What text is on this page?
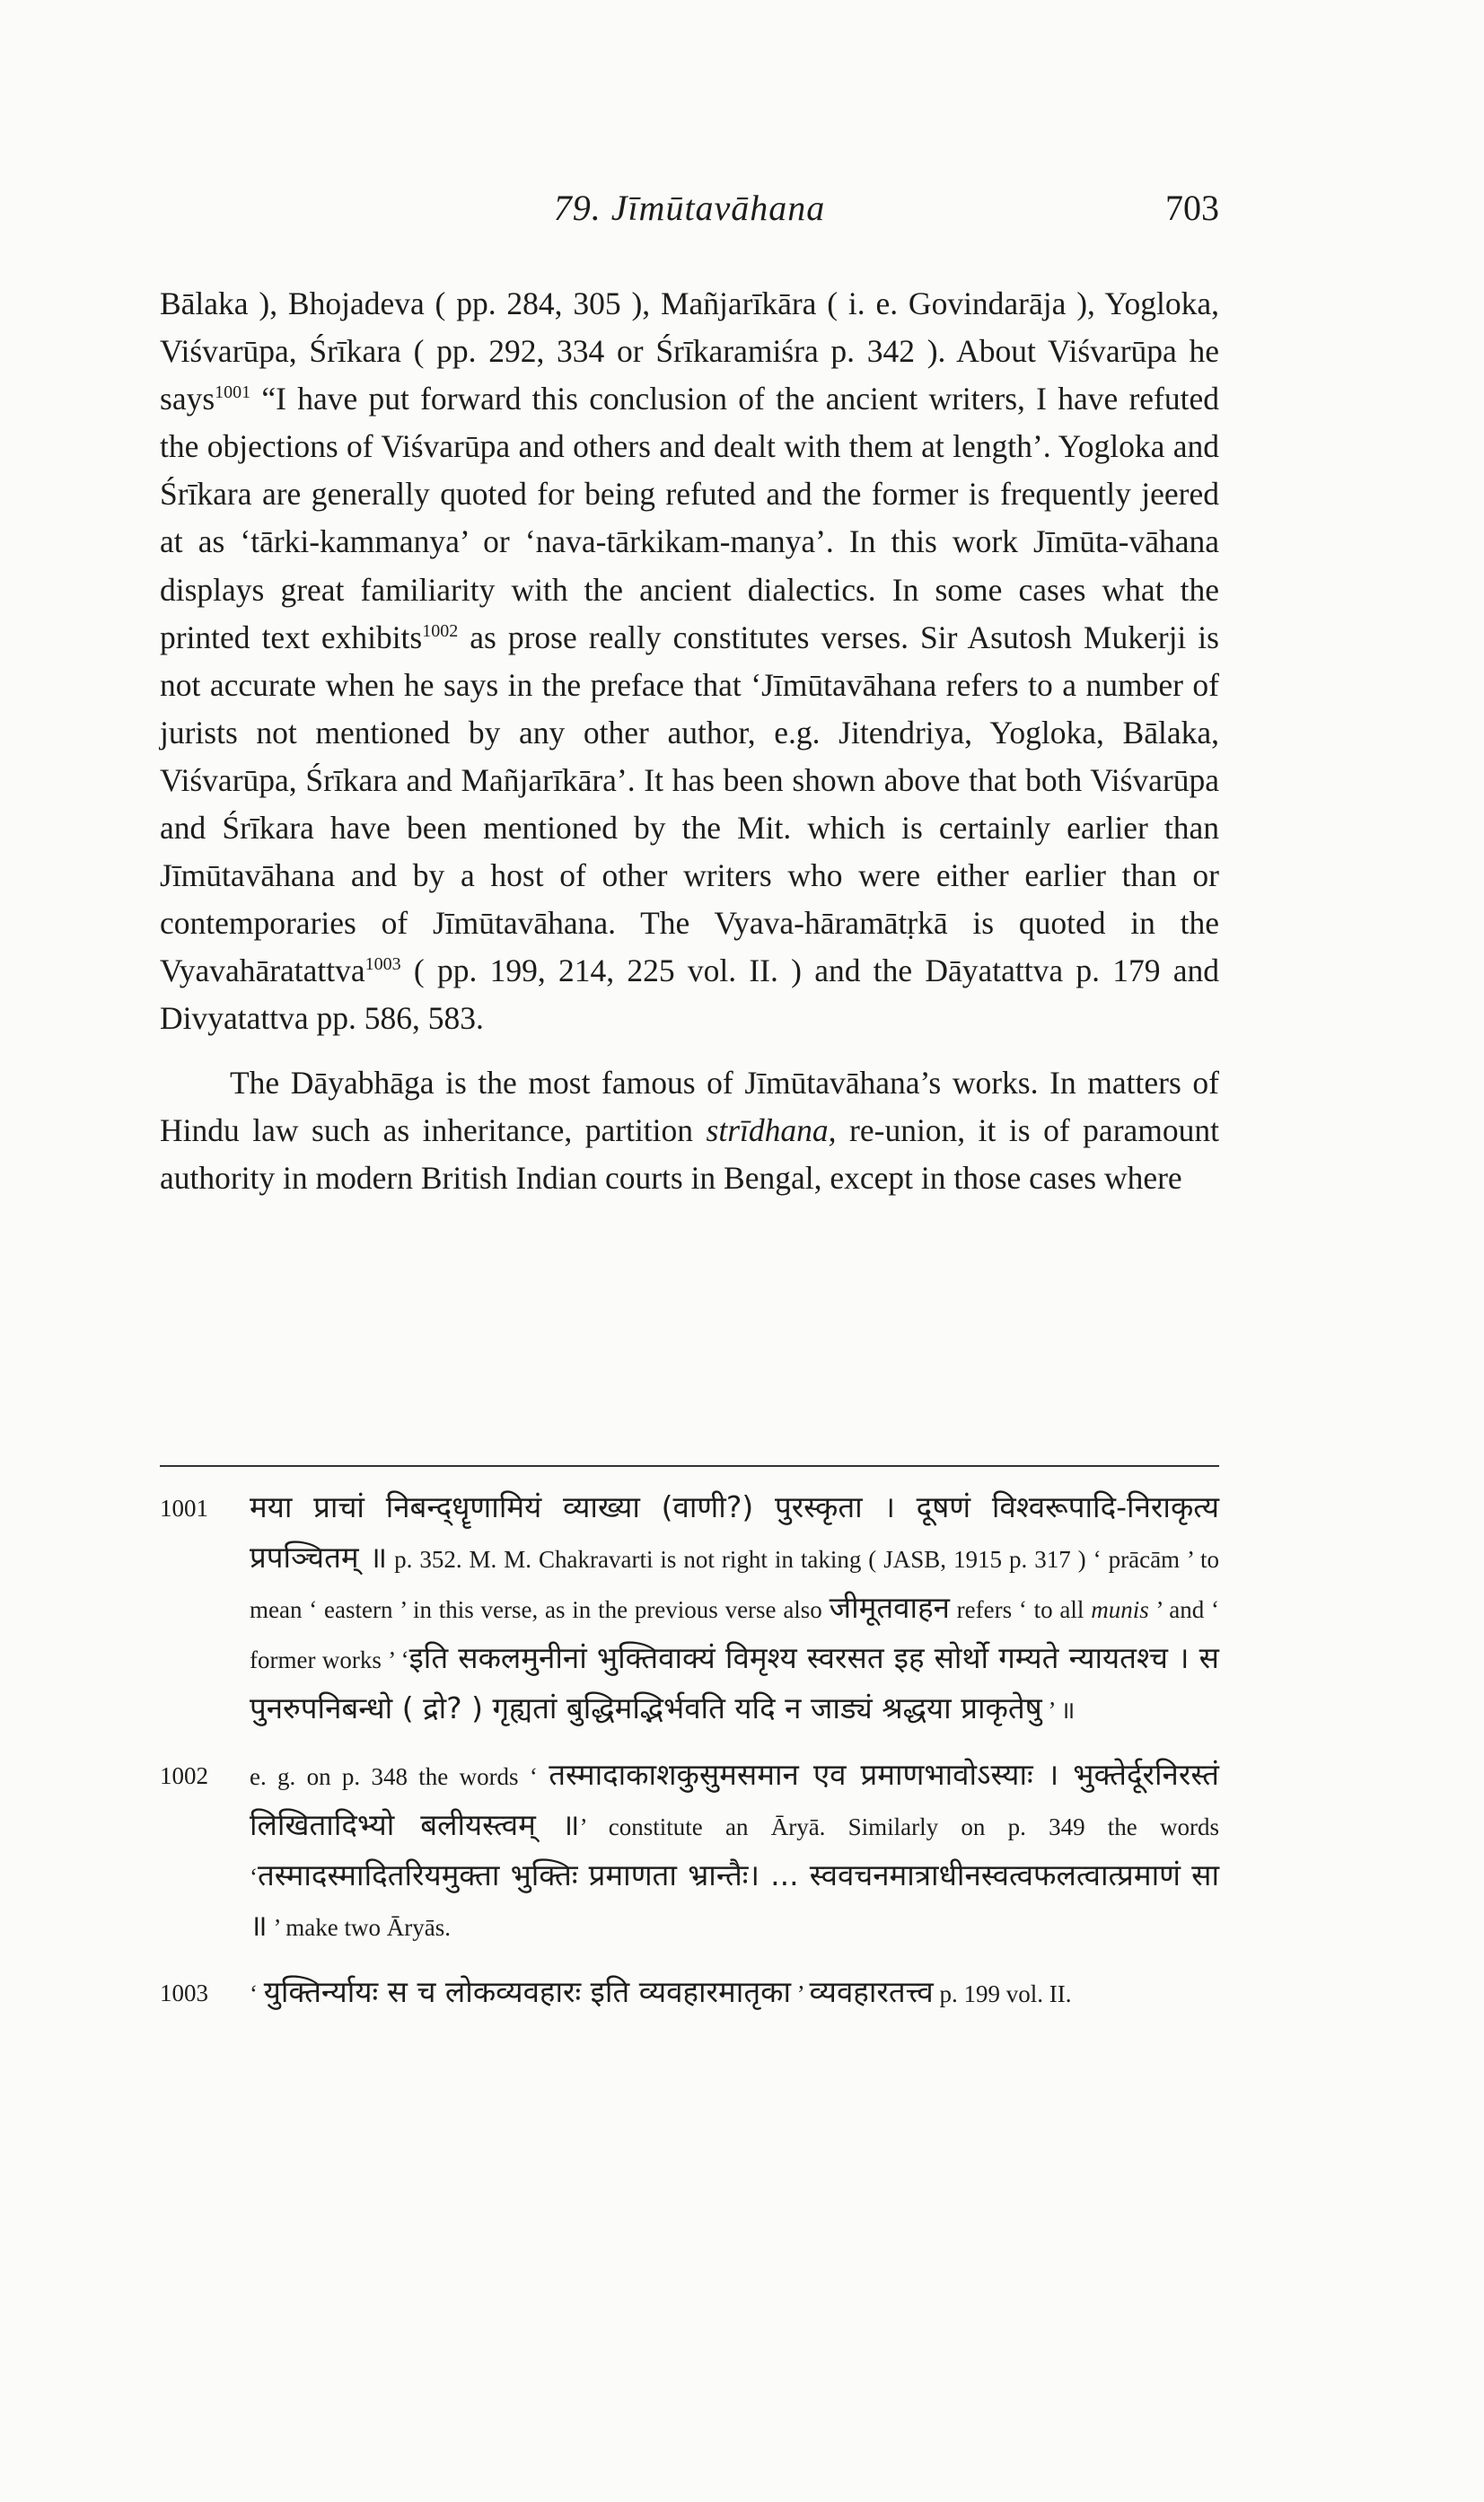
79. Jīmūtavāhana	703

Bālaka ), Bhojadeva ( pp. 284, 305 ), Mañjarīkāra ( i. e. Govindarāja ), Yogloka, Viśvarūpa, Śrīkara ( pp. 292, 334 or Śrīkaramiśra p. 342 ). About Viśvarūpa he says$^{1001}$ “I have put forward this conclusion of the ancient writers, I have refuted the objections of Viśvarūpa and others and dealt with them at length’. Yogloka and Śrīkara are generally quoted for being refuted and the former is frequently jeered at as ‘tārki-kammanya’ or ‘nava-tārkikam-manya’. In this work Jīmūta-vāhana displays great familiarity with the ancient dialectics. In some cases what the printed text exhibits$^{1002}$ as prose really constitutes verses. Sir Asutosh Mukerji is not accurate when he says in the preface that ‘Jīmūtavāhana refers to a number of jurists not mentioned by any other author, e.g. Jitendriya, Yogloka, Bālaka, Viśvarūpa, Śrīkara and Mañjarīkāra’. It has been shown above that both Viśvarūpa and Śrīkara have been mentioned by the Mit. which is certainly earlier than Jīmūtavāhana and by a host of other writers who were either earlier than or contemporaries of Jīmūtavāhana. The Vyava-hāramātṛkā is quoted in the Vyavahāratattva$^{1003}$ ( pp. 199, 214, 225 vol. II. ) and the Dāyatattva p. 179 and Divyatattva pp. 586, 583.

The Dāyabhāga is the most famous of Jīmūtavāhana’s works. In matters of Hindu law such as inheritance, partition strīdhana, re-union, it is of paramount authority in modern British Indian courts in Bengal, except in those cases where

1001 मया प्राचां निबन्द्धॄणामियं व्याख्या (वाणी?) पुरस्कृता । दूषणं विश्वरूपादि-निराकृत्य प्रपञ्चितम् ॥ p. 352. M. M. Chakravarti is not right in taking ( JASB, 1915 p. 317 ) ‘ prācām ’ to mean ‘ eastern ’ in this verse, as in the previous verse also जीमूतवाहन refers ‘ to all munis ’ and ‘ former works ’ ‘इति सकलमुनीनां भुक्तिवाक्यं विमृश्य स्वरसत इह सोर्थो गम्यते न्यायतश्च । स पुनरुपनिबन्धो ( द्रो? ) गृह्यतां बुद्धिमद्भिर्भवति यदि न जाड्यं श्रद्धया प्राकृतेषु ’ ॥
1002 e. g. on p. 348 the words ‘ तस्मादाकाशकुसुमसमान एव प्रमाणभावोऽस्याः । भुक्तेर्दूरनिरस्तं लिखितादिभ्यो बलीयस्त्वम् ॥’ constitute an Āryā. Similarly on p. 349 the words ‘तस्मादस्मादितरियमुक्ता भुक्तिः प्रमाणता भ्रान्तैः। ... स्ववचनमात्राधीनस्वत्वफलत्वात्प्रमाणं सा ॥ ’ make two Āryās.
1003 ‘ युक्तिर्न्यायः स च लोकव्यवहारः इति व्यवहारमातृका ’ व्यवहारतत्त्व p. 199 vol. II.
